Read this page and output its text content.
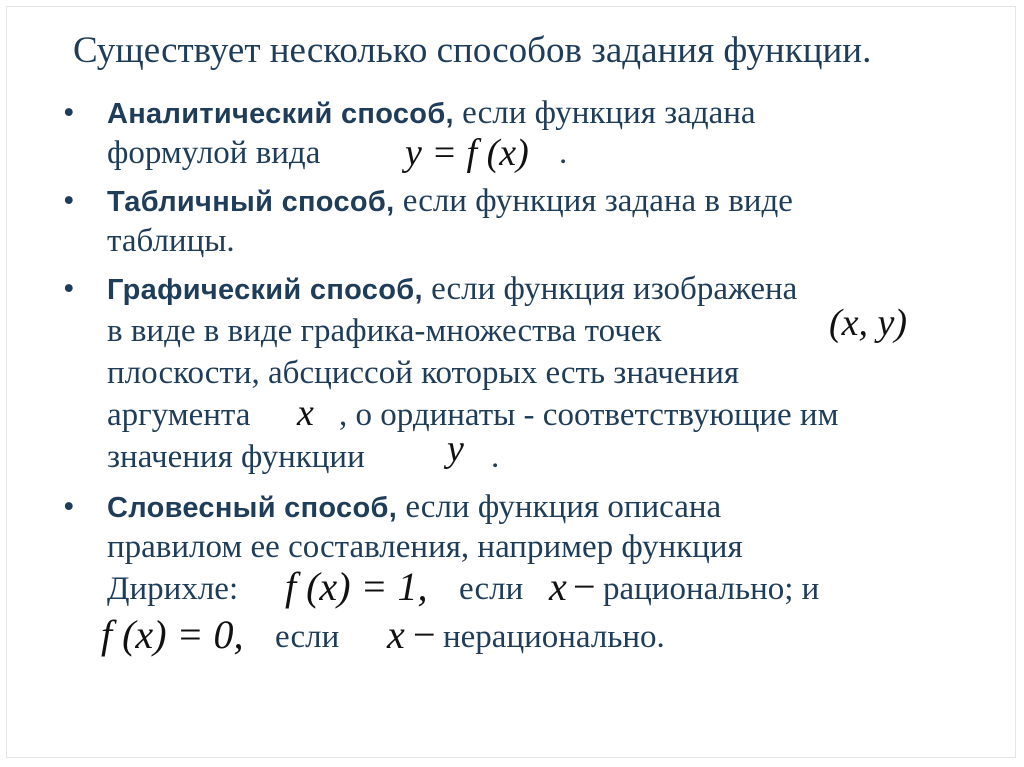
Существует несколько способов задания функции.
• Аналитический способ, если функция задана
формулой вида y = f (x) .
• Табличный способ, если функция задана в виде
таблицы.
• Графический способ, если функция изображена
в виде в виде графика-множества точек	(x, y)
плоскости, абсциссой которых есть значения
аргумента x , о ординаты - соответствующие им
значения функции y .
• Словесный способ, если функция описана
правилом ее составления, например функция
Дирихле: f (x) = 1, если x − рационально; и
f (x) = 0, если x − нерационально.
